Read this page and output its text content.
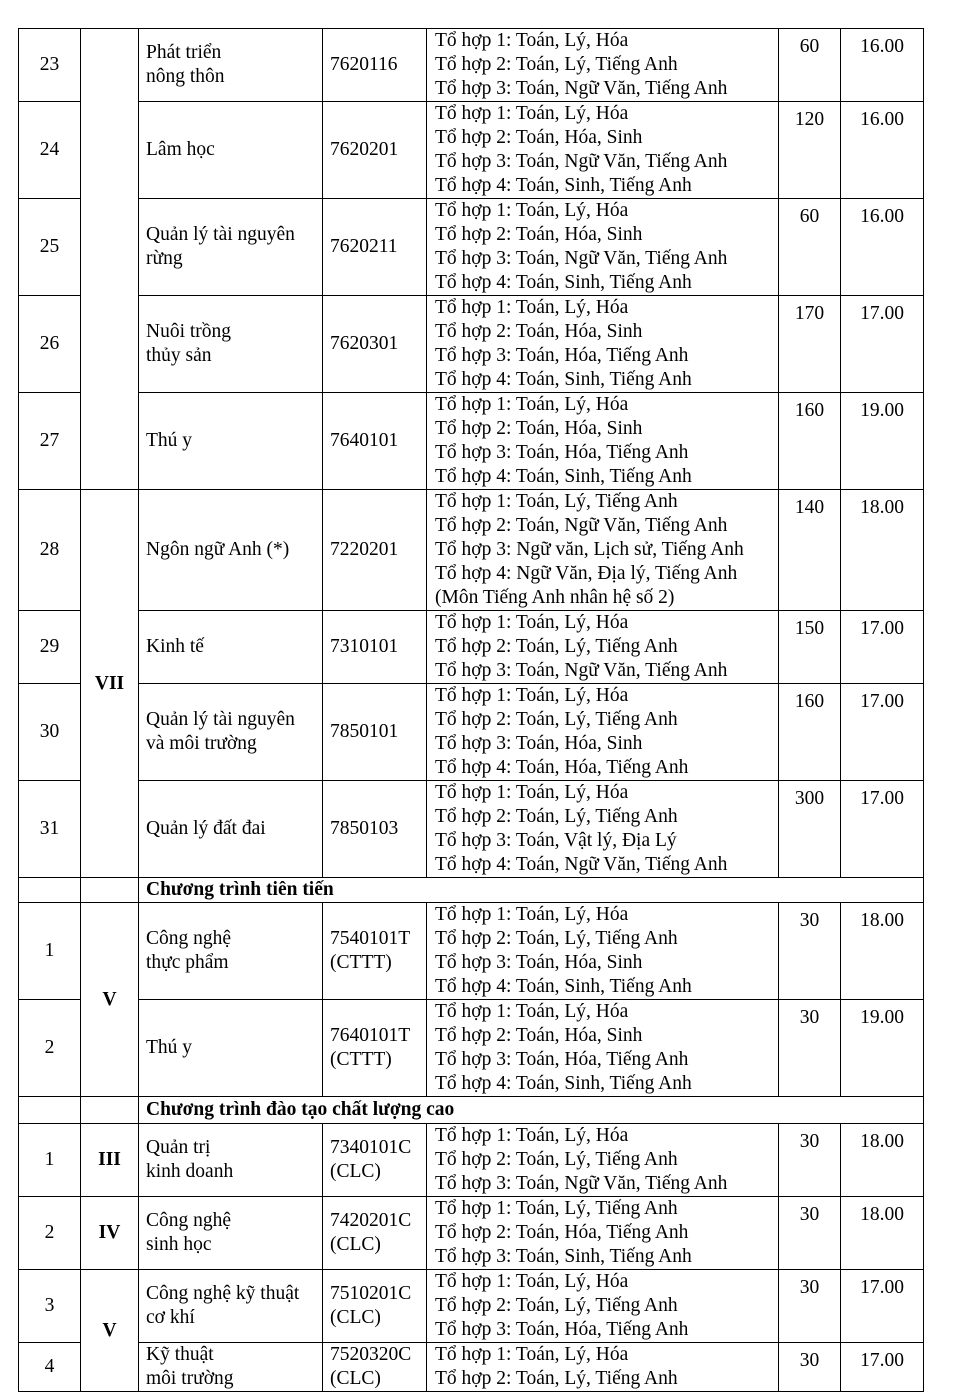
23		Phát triển
nông thôn	7620116	Tổ hợp 1: Toán, Lý, Hóa
Tổ hợp 2: Toán, Lý, Tiếng Anh
Tổ hợp 3: Toán, Ngữ Văn, Tiếng Anh	60	16.00
24		Lâm học	7620201	Tổ hợp 1: Toán, Lý, Hóa
Tổ hợp 2: Toán, Hóa, Sinh
Tổ hợp 3: Toán, Ngữ Văn, Tiếng Anh
Tổ hợp 4: Toán, Sinh, Tiếng Anh	120	16.00
25		Quản lý tài nguyên
rừng	7620211	Tổ hợp 1: Toán, Lý, Hóa
Tổ hợp 2: Toán, Hóa, Sinh
Tổ hợp 3: Toán, Ngữ Văn, Tiếng Anh
Tổ hợp 4: Toán, Sinh, Tiếng Anh	60	16.00
26		Nuôi trồng
thủy sản	7620301	Tổ hợp 1: Toán, Lý, Hóa
Tổ hợp 2: Toán, Hóa, Sinh
Tổ hợp 3: Toán, Hóa, Tiếng Anh
Tổ hợp 4: Toán, Sinh, Tiếng Anh	170	17.00
27		Thú y	7640101	Tổ hợp 1: Toán, Lý, Hóa
Tổ hợp 2: Toán, Hóa, Sinh
Tổ hợp 3: Toán, Hóa, Tiếng Anh
Tổ hợp 4: Toán, Sinh, Tiếng Anh	160	19.00
28	VII	Ngôn ngữ Anh (*)	7220201	Tổ hợp 1: Toán, Lý, Tiếng Anh
Tổ hợp 2: Toán, Ngữ Văn, Tiếng Anh
Tổ hợp 3: Ngữ văn, Lịch sử, Tiếng Anh
Tổ hợp 4: Ngữ Văn, Địa lý, Tiếng Anh
(Môn Tiếng Anh nhân hệ số 2)	140	18.00
29		Kinh tế	7310101	Tổ hợp 1: Toán, Lý, Hóa
Tổ hợp 2: Toán, Lý, Tiếng Anh
Tổ hợp 3: Toán, Ngữ Văn, Tiếng Anh	150	17.00
30		Quản lý tài nguyên
và môi trường	7850101	Tổ hợp 1: Toán, Lý, Hóa
Tổ hợp 2: Toán, Lý, Tiếng Anh
Tổ hợp 3: Toán, Hóa, Sinh
Tổ hợp 4: Toán, Hóa, Tiếng Anh	160	17.00
31		Quản lý đất đai	7850103	Tổ hợp 1: Toán, Lý, Hóa
Tổ hợp 2: Toán, Lý, Tiếng Anh
Tổ hợp 3: Toán, Vật lý, Địa Lý
Tổ hợp 4: Toán, Ngữ Văn, Tiếng Anh	300	17.00
		Chương trình tiên tiến				
1	V	Công nghệ
thực phẩm	7540101T
(CTTT)	Tổ hợp 1: Toán, Lý, Hóa
Tổ hợp 2: Toán, Lý, Tiếng Anh
Tổ hợp 3: Toán, Hóa, Sinh
Tổ hợp 4: Toán, Sinh, Tiếng Anh	30	18.00
2		Thú y	7640101T
(CTTT)	Tổ hợp 1: Toán, Lý, Hóa
Tổ hợp 2: Toán, Hóa, Sinh
Tổ hợp 3: Toán, Hóa, Tiếng Anh
Tổ hợp 4: Toán, Sinh, Tiếng Anh	30	19.00
		Chương trình đào tạo chất lượng cao				
1	III	Quản trị
kinh doanh	7340101C
(CLC)	Tổ hợp 1: Toán, Lý, Hóa
Tổ hợp 2: Toán, Lý, Tiếng Anh
Tổ hợp 3: Toán, Ngữ Văn, Tiếng Anh	30	18.00
2	IV	Công nghệ
sinh học	7420201C
(CLC)	Tổ hợp 1: Toán, Lý, Tiếng Anh
Tổ hợp 2: Toán, Hóa, Tiếng Anh
Tổ hợp 3: Toán, Sinh, Tiếng Anh	30	18.00
3	V	Công nghệ kỹ thuật
cơ khí	7510201C
(CLC)	Tổ hợp 1: Toán, Lý, Hóa
Tổ hợp 2: Toán, Lý, Tiếng Anh
Tổ hợp 3: Toán, Hóa, Tiếng Anh	30	17.00
4		Kỹ thuật
môi trường	7520320C
(CLC)	Tổ hợp 1: Toán, Lý, Hóa
Tổ hợp 2: Toán, Lý, Tiếng Anh	30	17.00
